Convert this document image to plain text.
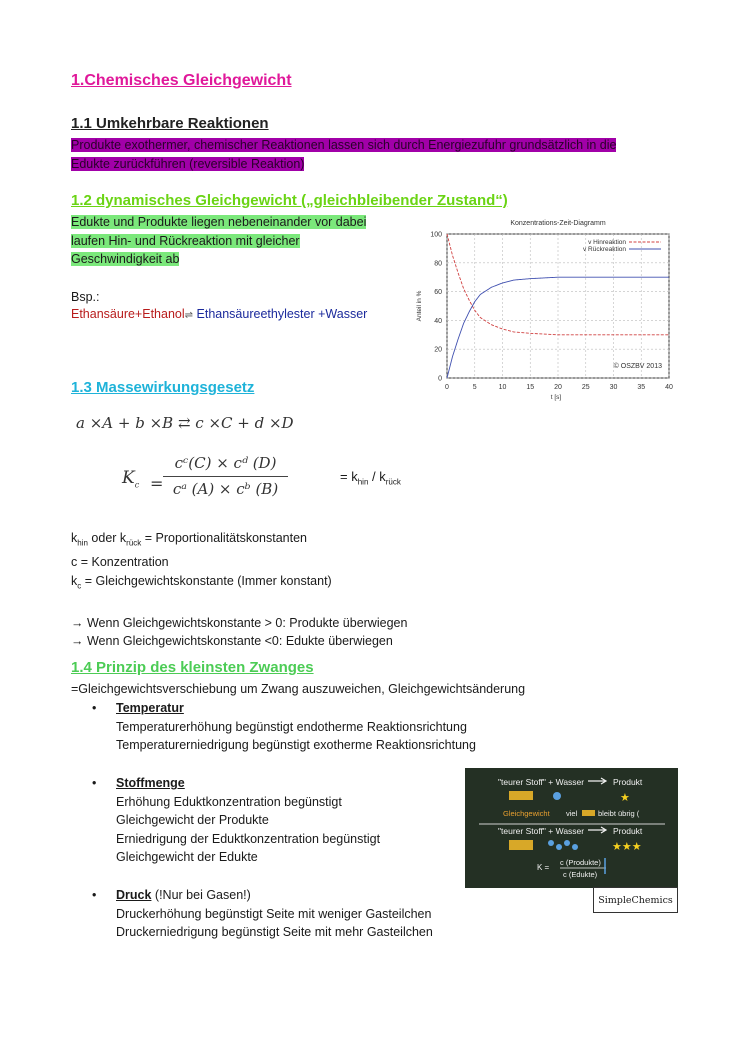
1.Chemisches Gleichgewicht
1.1 Umkehrbare Reaktionen
Produkte exothermer, chemischer Reaktionen lassen sich durch Energiezufuhr grundsätzlich in die
Edukte zurückführen (reversible Reaktion)
1.2 dynamisches Gleichgewicht („gleichbleibender Zustand“)
Edukte und Produkte liegen nebeneinander vor dabei
laufen Hin- und Rückreaktion mit gleicher
Geschwindigkeit ab
Bsp.:
Ethansäure+Ethanol⇌ Ethansäureethylester +Wasser
0	5	10	15	20	25	30	35	40
0
20
40
60
80
100
Konzentrations-Zeit-Diagramm
t [s]
Anteil in %
v Hinreaktion
v Rückreaktion
© OSZBV 2013
1.3 Massewirkungsgesetz
a ×A + b ×B ⇄ c ×C + d ×D
$K_c$ =
cᶜ(C) × cᵈ (D)
cᵃ (A) × cᵇ (B)
= $k_{hin} / k_{rück}$
$k_{hin}$ oder $k_{rück}$ = Proportionalitätskonstanten
c = Konzentration
$k_c$ = Gleichgewichtskonstante (Immer konstant)
→ Wenn Gleichgewichtskonstante > 0: Produkte überwiegen
→ Wenn Gleichgewichtskonstante <0: Edukte überwiegen
1.4 Prinzip des kleinsten Zwanges
=Gleichgewichtsverschiebung um Zwang auszuweichen, Gleichgewichtsänderung
• Temperatur
Temperaturerhöhung begünstigt endotherme Reaktionsrichtung
Temperaturerniedrigung begünstigt exotherme Reaktionsrichtung
• Stoffmenge
Erhöhung Eduktkonzentration begünstigt
Gleichgewicht der Produkte
Erniedrigung der Eduktkonzentration begünstigt
Gleichgewicht der Edukte
• Druck (!Nur bei Gasen!)
Druckerhöhung begünstigt Seite mit weniger Gasteilchen
Druckerniedrigung begünstigt Seite mit mehr Gasteilchen
"teurer Stoff" + Wasser	Produkt
★
Gleichgewicht viel	bleibt übrig (
"teurer Stoff" + Wasser	Produkt
★★★
K =
c (Produkte)
c (Edukte)
SimpleChemics
